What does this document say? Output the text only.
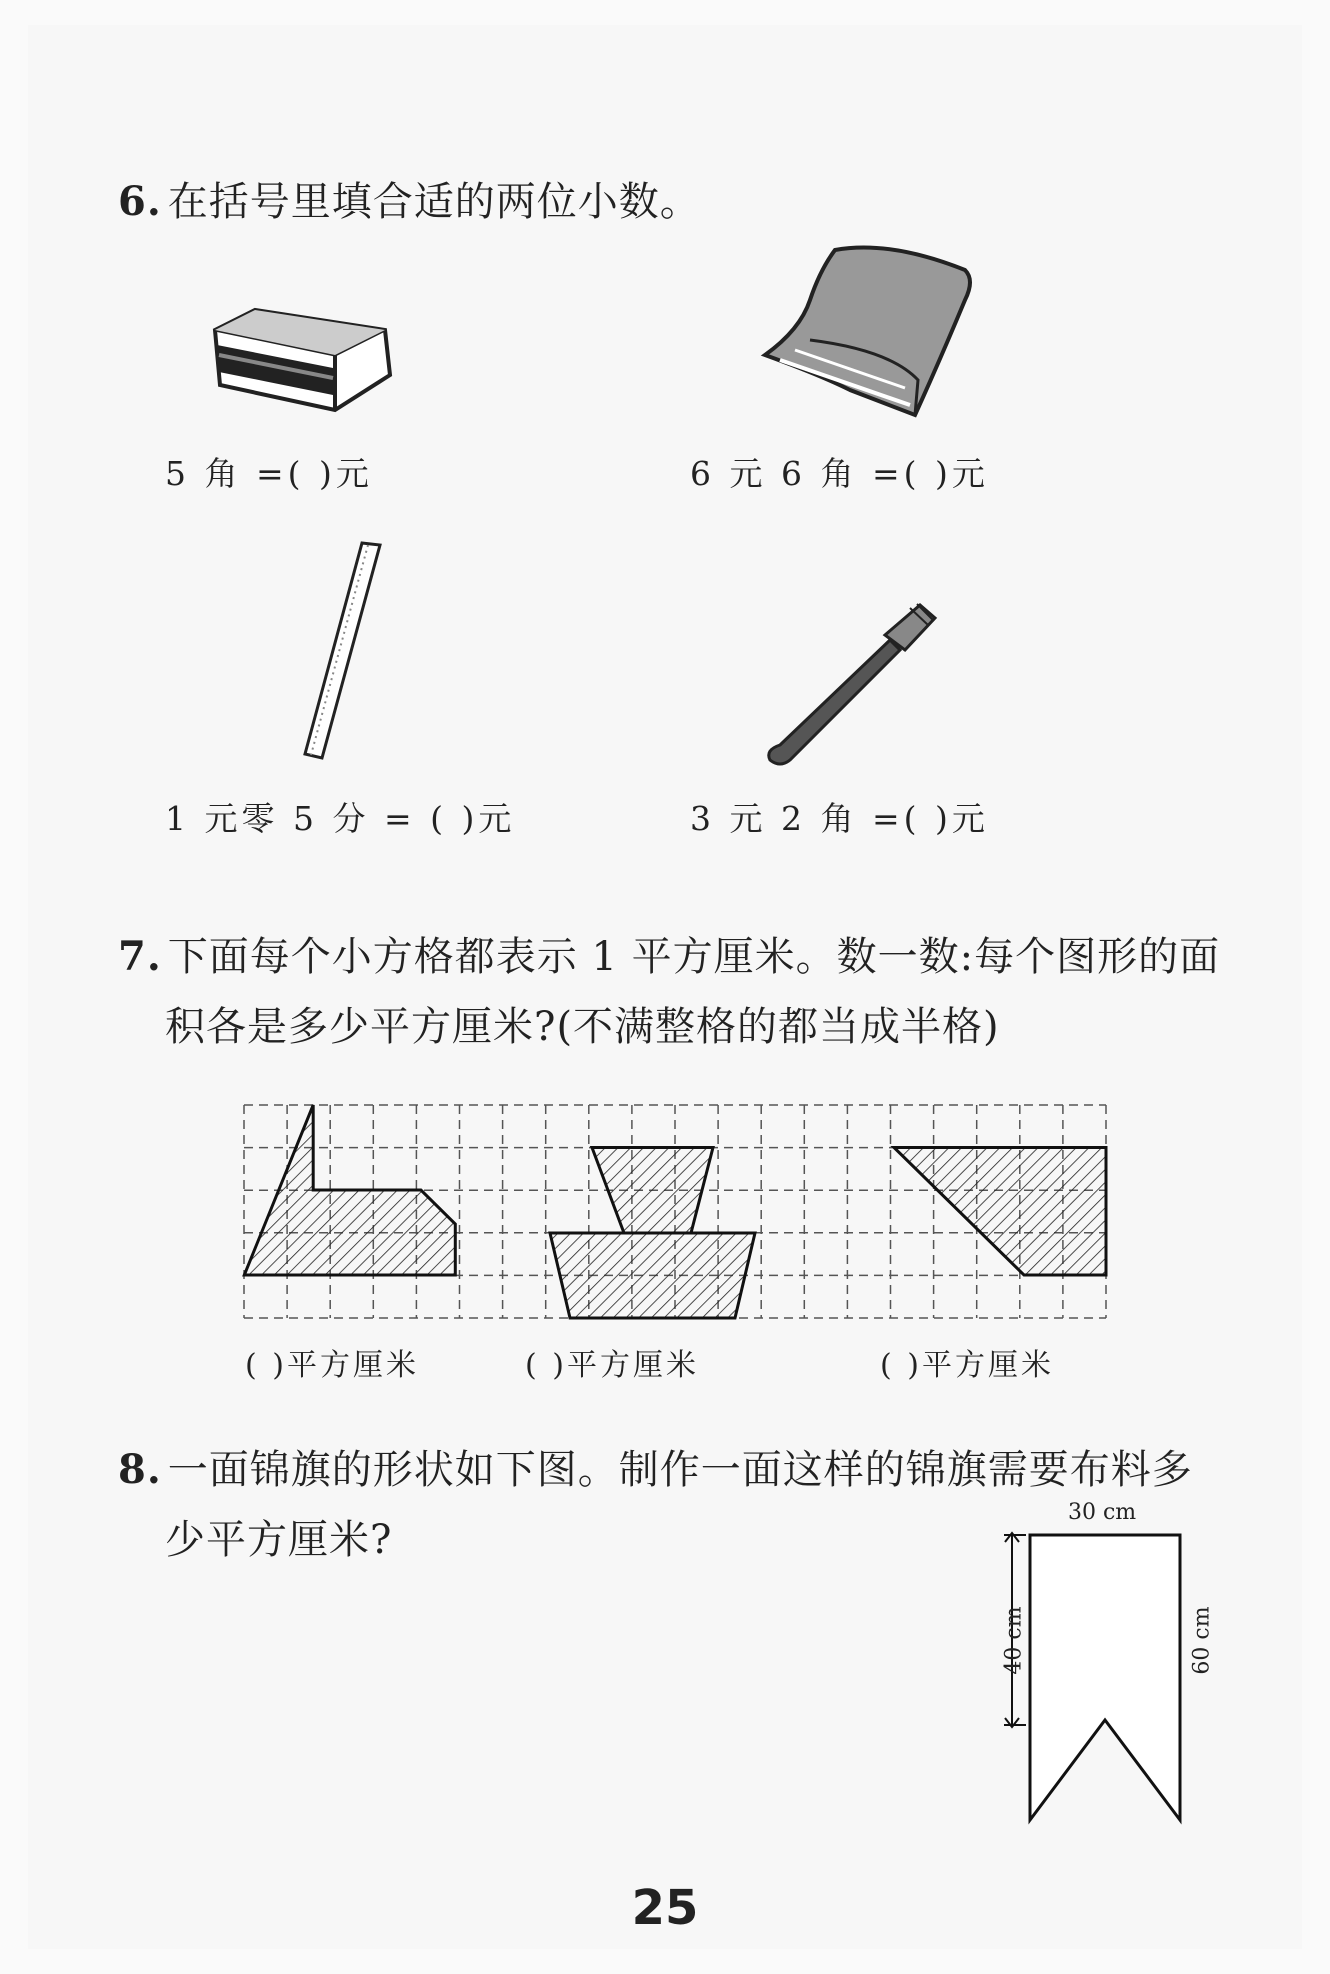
6. 在括号里填合适的两位小数。
5 角 =( )元	6 元 6 角 =( )元
1 元零 5 分 = ( )元	3 元 2 角 =( )元
7. 下面每个小方格都表示 1 平方厘米。数一数:每个图形的面
积各是多少平方厘米?(不满整格的都当成半格)
( )平方厘米	( )平方厘米	( )平方厘米
8. 一面锦旗的形状如下图。制作一面这样的锦旗需要布料多
少平方厘米?
30 cm
40 cm	60 cm
25
